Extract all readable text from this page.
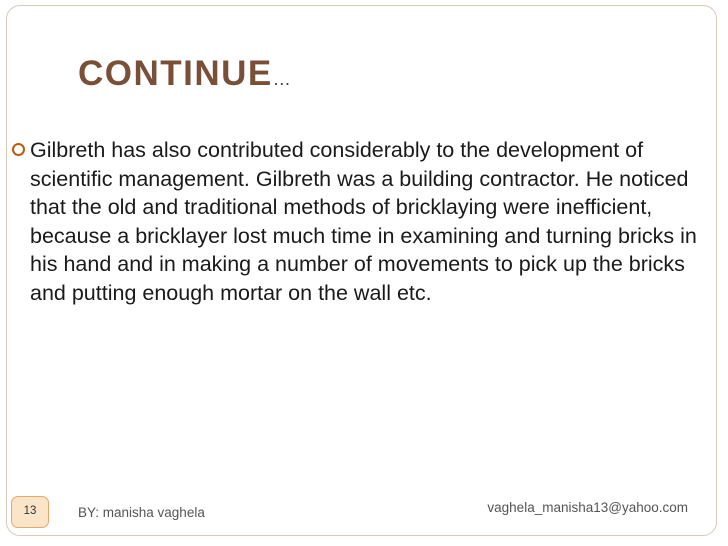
CONTINUE…
Gilbreth has also contributed considerably to the development of scientific management. Gilbreth was a building contractor. He noticed that the old and traditional methods of bricklaying were inefficient, because a bricklayer lost much time in examining and turning bricks in his hand and in making a number of movements to pick up the bricks and putting enough mortar on the wall etc.
13	BY: manisha vaghela	vaghela_manisha13@yahoo.com
